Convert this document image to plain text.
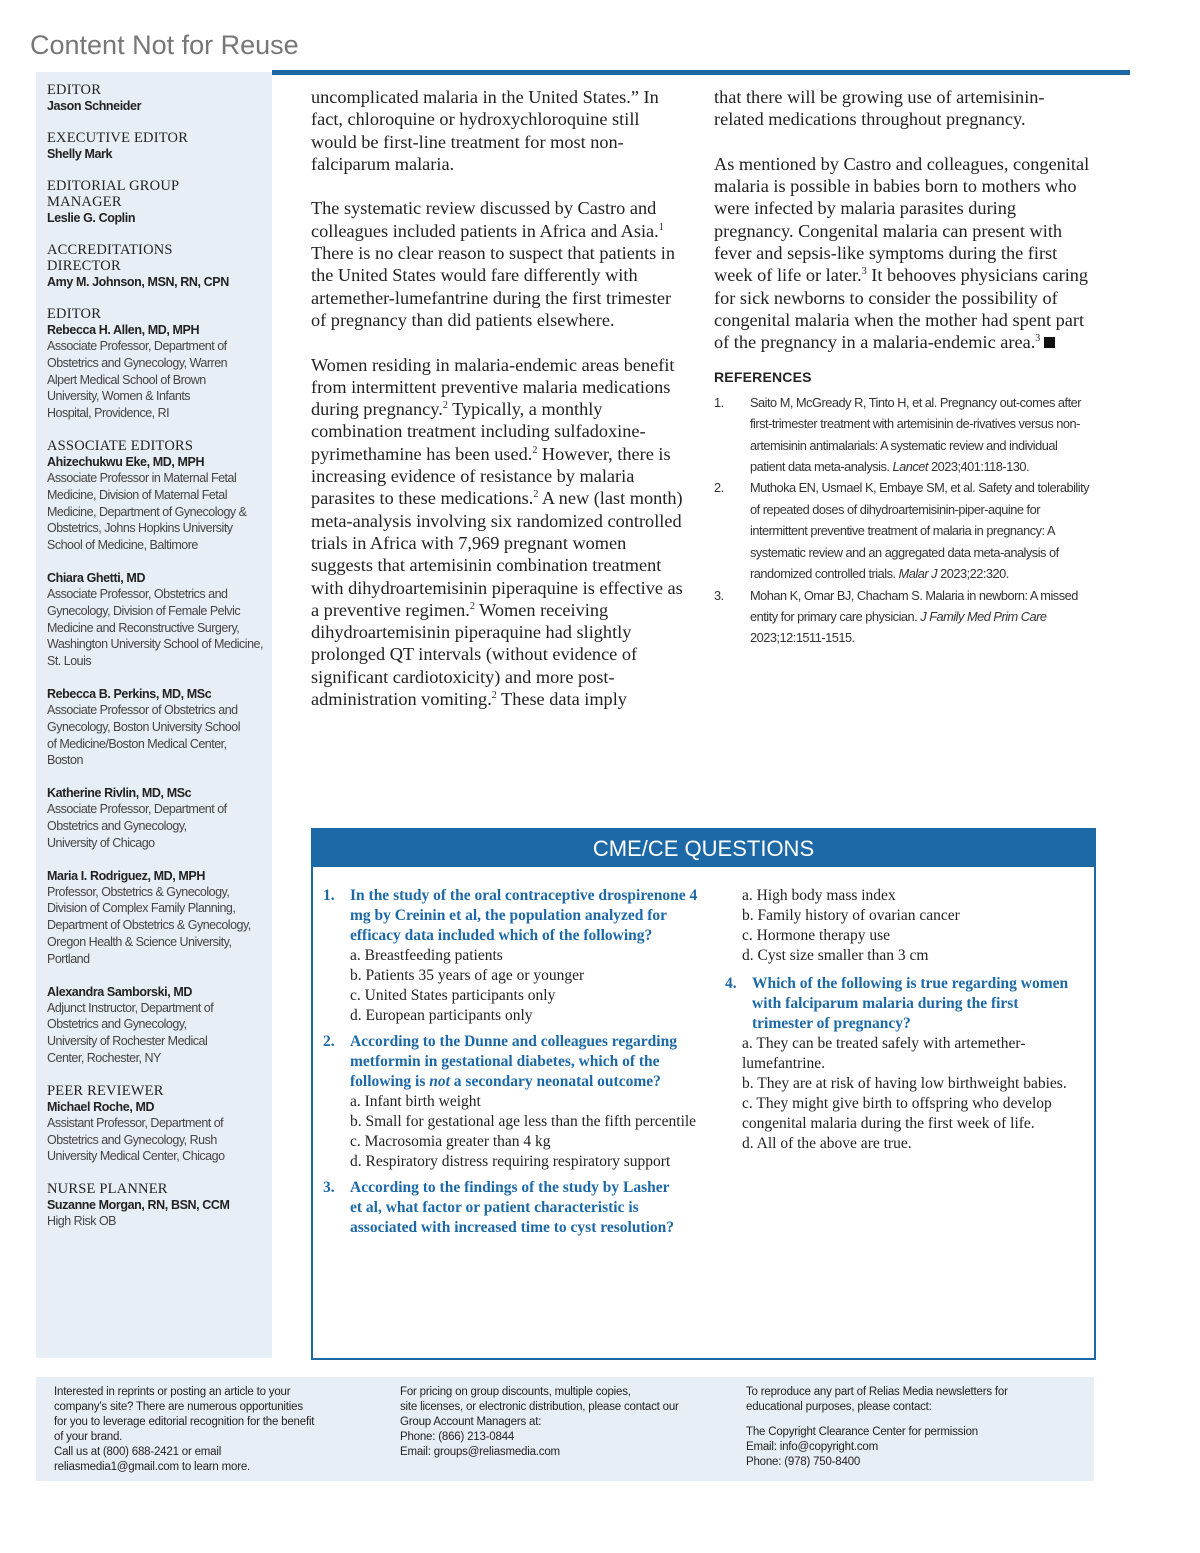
Content Not for Reuse
EDITOR
Jason Schneider
EXECUTIVE EDITOR
Shelly Mark
EDITORIAL GROUP MANAGER
Leslie G. Coplin
ACCREDITATIONS DIRECTOR
Amy M. Johnson, MSN, RN, CPN
EDITOR
Rebecca H. Allen, MD, MPH
Associate Professor, Department of Obstetrics and Gynecology, Warren Alpert Medical School of Brown University, Women & Infants Hospital, Providence, RI
ASSOCIATE EDITORS
Ahizechukwu Eke, MD, MPH
Associate Professor in Maternal Fetal Medicine, Division of Maternal Fetal Medicine, Department of Gynecology & Obstetrics, Johns Hopkins University School of Medicine, Baltimore
Chiara Ghetti, MD
Associate Professor, Obstetrics and Gynecology, Division of Female Pelvic Medicine and Reconstructive Surgery, Washington University School of Medicine, St. Louis
Rebecca B. Perkins, MD, MSc
Associate Professor of Obstetrics and Gynecology, Boston University School of Medicine/Boston Medical Center, Boston
Katherine Rivlin, MD, MSc
Associate Professor, Department of Obstetrics and Gynecology, University of Chicago
Maria I. Rodriguez, MD, MPH
Professor, Obstetrics & Gynecology, Division of Complex Family Planning, Department of Obstetrics & Gynecology, Oregon Health & Science University, Portland
Alexandra Samborski, MD
Adjunct Instructor, Department of Obstetrics and Gynecology, University of Rochester Medical Center, Rochester, NY
PEER REVIEWER
Michael Roche, MD
Assistant Professor, Department of Obstetrics and Gynecology, Rush University Medical Center, Chicago
NURSE PLANNER
Suzanne Morgan, RN, BSN, CCM
High Risk OB

uncomplicated malaria in the United States.” In fact, chloroquine or hydroxychloroquine still would be first-line treatment for most non-falciparum malaria.

The systematic review discussed by Castro and colleagues included patients in Africa and Asia.$^1$ There is no clear reason to suspect that patients in the United States would fare differently with artemether-lumefantrine during the first trimester of pregnancy than did patients elsewhere.

Women residing in malaria-endemic areas benefit from intermittent preventive malaria medications during pregnancy.$^2$ Typically, a monthly combination treatment including sulfadoxine-pyrimethamine has been used.$^2$ However, there is increasing evidence of resistance by malaria parasites to these medications.$^2$ A new (last month) meta-analysis involving six randomized controlled trials in Africa with 7,969 pregnant women suggests that artemisinin combination treatment with dihydroartemisinin piperaquine is effective as a preventive regimen.$^2$ Women receiving dihydroartemisinin piperaquine had slightly prolonged QT intervals (without evidence of significant cardiotoxicity) and more post-administration vomiting.$^2$ These data imply

that there will be growing use of artemisinin-related medications throughout pregnancy.

As mentioned by Castro and colleagues, congenital malaria is possible in babies born to mothers who were infected by malaria parasites during pregnancy. Congenital malaria can present with fever and sepsis-like symptoms during the first week of life or later.$^3$ It behooves physicians caring for sick newborns to consider the possibility of congenital malaria when the mother had spent part of the pregnancy in a malaria-endemic area.$^3$

REFERENCES
1.	Saito M, McGready R, Tinto H, et al. Pregnancy out-comes after first-trimester treatment with artemisinin de-rivatives versus non-artemisinin antimalarials: A systematic review and individual patient data meta-analysis. Lancet 2023;401:118-130.
2.	Muthoka EN, Usmael K, Embaye SM, et al. Safety and tolerability of repeated doses of dihydroartemisinin-piper-aquine for intermittent preventive treatment of malaria in pregnancy: A systematic review and an aggregated data meta-analysis of randomized controlled trials. Malar J 2023;22:320.
3.	Mohan K, Omar BJ, Chacham S. Malaria in newborn: A missed entity for primary care physician. J Family Med Prim Care 2023;12:1511-1515.
CME/CE QUESTIONS
1. In the study of the oral contraceptive drospirenone 4 mg by Creinin et al, the population analyzed for efficacy data included which of the following?
a. Breastfeeding patients
b. Patients 35 years of age or younger
c. United States participants only
d. European participants only
2. According to the Dunne and colleagues regarding metformin in gestational diabetes, which of the following is not a secondary neonatal outcome?
a. Infant birth weight
b. Small for gestational age less than the fifth percentile
c. Macrosomia greater than 4 kg
d. Respiratory distress requiring respiratory support
3. According to the findings of the study by Lasher et al, what factor or patient characteristic is associated with increased time to cyst resolution?
a. High body mass index
b. Family history of ovarian cancer
c. Hormone therapy use
d. Cyst size smaller than 3 cm
4. Which of the following is true regarding women with falciparum malaria during the first trimester of pregnancy?
a. They can be treated safely with artemether-lumefantrine.
b. They are at risk of having low birthweight babies.
c. They might give birth to offspring who develop congenital malaria during the first week of life.
d. All of the above are true.
Interested in reprints or posting an article to your
company’s site? There are numerous opportunities
for you to leverage editorial recognition for the benefit
of your brand.
Call us at (800) 688-2421 or email
reliasmedia1@gmail.com to learn more.
For pricing on group discounts, multiple copies,
site licenses, or electronic distribution, please contact our
Group Account Managers at:
Phone: (866) 213-0844
Email: groups@reliasmedia.com
To reproduce any part of Relias Media newsletters for
educational purposes, please contact:
The Copyright Clearance Center for permission
Email: info@copyright.com
Phone: (978) 750-8400
